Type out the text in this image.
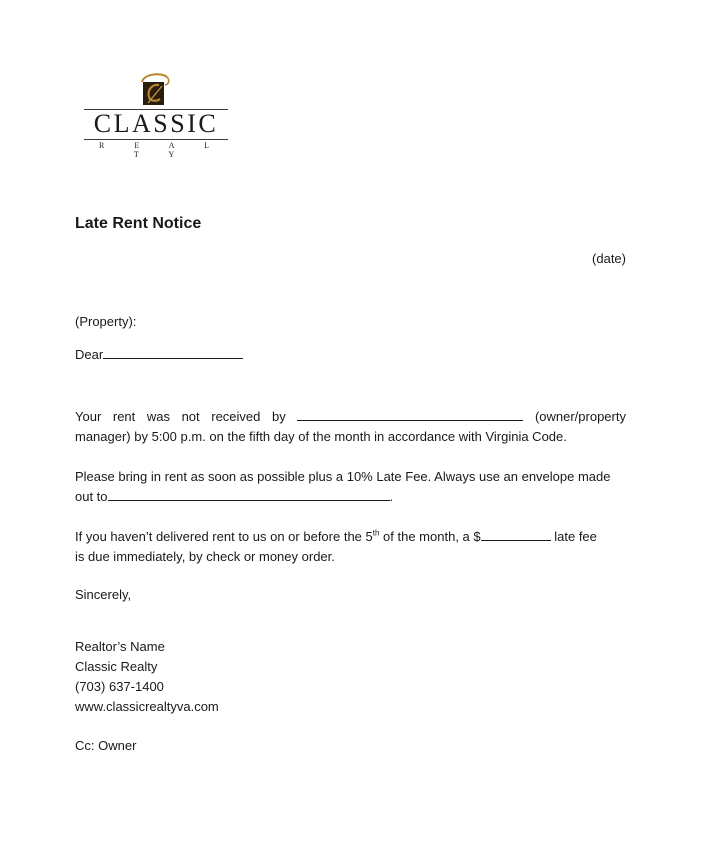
CLASSIC
R E A L T Y
Late Rent Notice
(date)
(Property):
Dear
Your rent was not received by	(owner/property
manager) by 5:00 p.m. on the fifth day of the month in accordance with Virginia Code.
Please bring in rent as soon as possible plus a 10% Late Fee. Always use an envelope made
out to	.
If you haven’t delivered rent to us on or before the 5th of the month, a $	late fee
is due immediately, by check or money order.
Sincerely,
Realtor’s Name
Classic Realty
(703) 637-1400
www.classicrealtyva.com
Cc: Owner
